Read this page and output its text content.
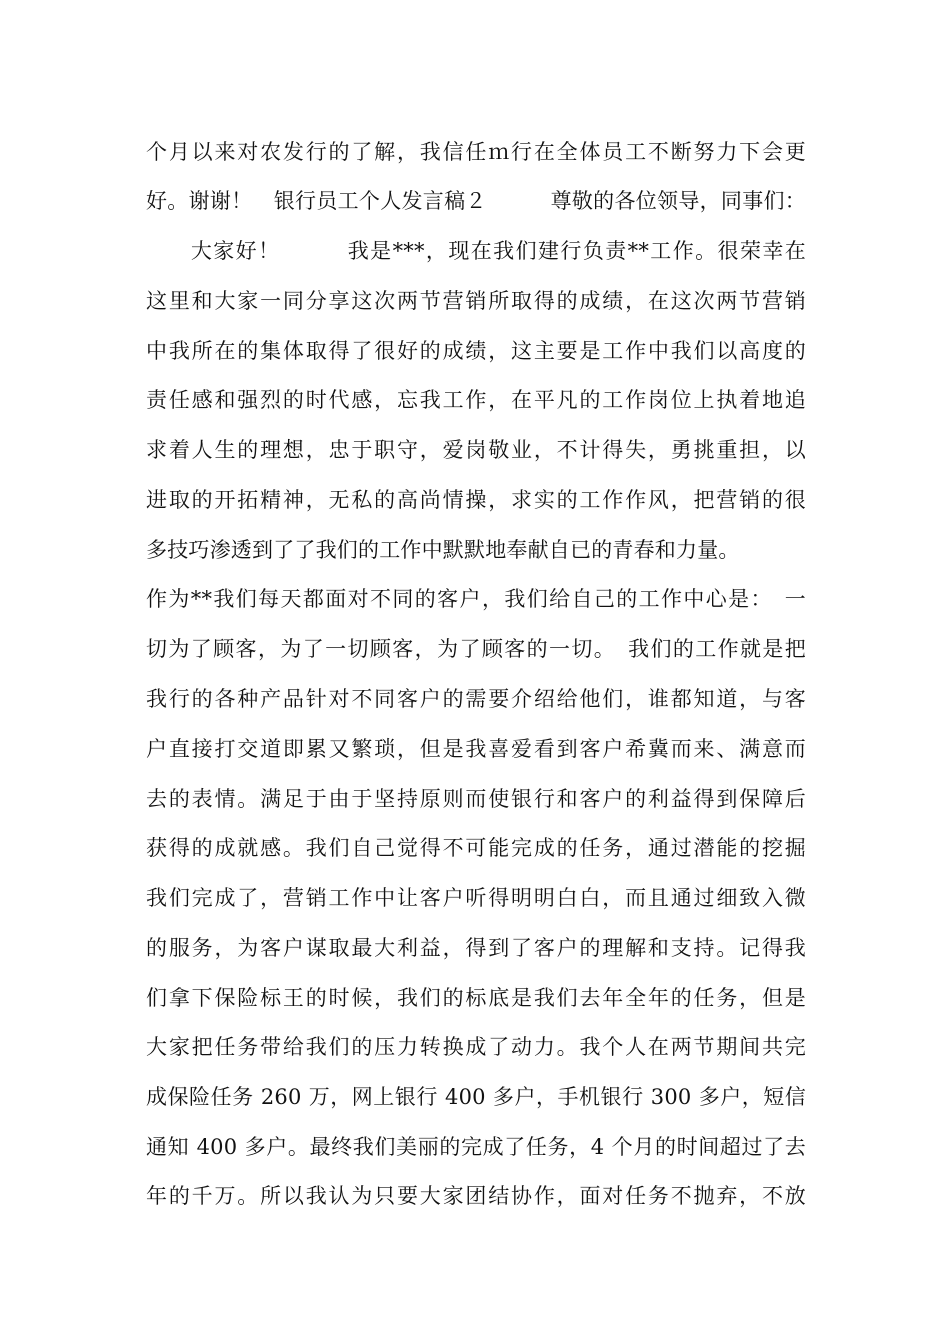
个月以来对农发行的了解，我信任ｍ行在全体员工不断努力下会更
好。谢谢！　银行员工个人发言稿２　　　尊敬的各位领导，同事们：
　　大家好！　　　我是***，现在我们建行负责**工作。很荣幸在
这里和大家一同分享这次两节营销所取得的成绩，在这次两节营销
中我所在的集体取得了很好的成绩，这主要是工作中我们以高度的
责任感和强烈的时代感，忘我工作，在平凡的工作岗位上执着地追
求着人生的理想，忠于职守，爱岗敬业，不计得失，勇挑重担，以
进取的开拓精神，无私的高尚情操，求实的工作作风，把营销的很
多技巧渗透到了了我们的工作中默默地奉献自已的青春和力量。
作为**我们每天都面对不同的客户，我们给自己的工作中心是：　一
切为了顾客，为了一切顾客，为了顾客的一切。　我们的工作就是把
我行的各种产品针对不同客户的需要介绍给他们，谁都知道，与客
户直接打交道即累又繁琐，但是我喜爱看到客户希冀而来、满意而
去的表情。满足于由于坚持原则而使银行和客户的利益得到保障后
获得的成就感。我们自己觉得不可能完成的任务，通过潜能的挖掘
我们完成了，营销工作中让客户听得明明白白，而且通过细致入微
的服务，为客户谋取最大利益，得到了客户的理解和支持。记得我
们拿下保险标王的时候，我们的标底是我们去年全年的任务，但是
大家把任务带给我们的压力转换成了动力。我个人在两节期间共完
成保险任务 260 万，网上银行 400 多户，手机银行 300 多户，短信
通知 400 多户。最终我们美丽的完成了任务，4 个月的时间超过了去
年的千万。所以我认为只要大家团结协作，面对任务不抛弃，不放
